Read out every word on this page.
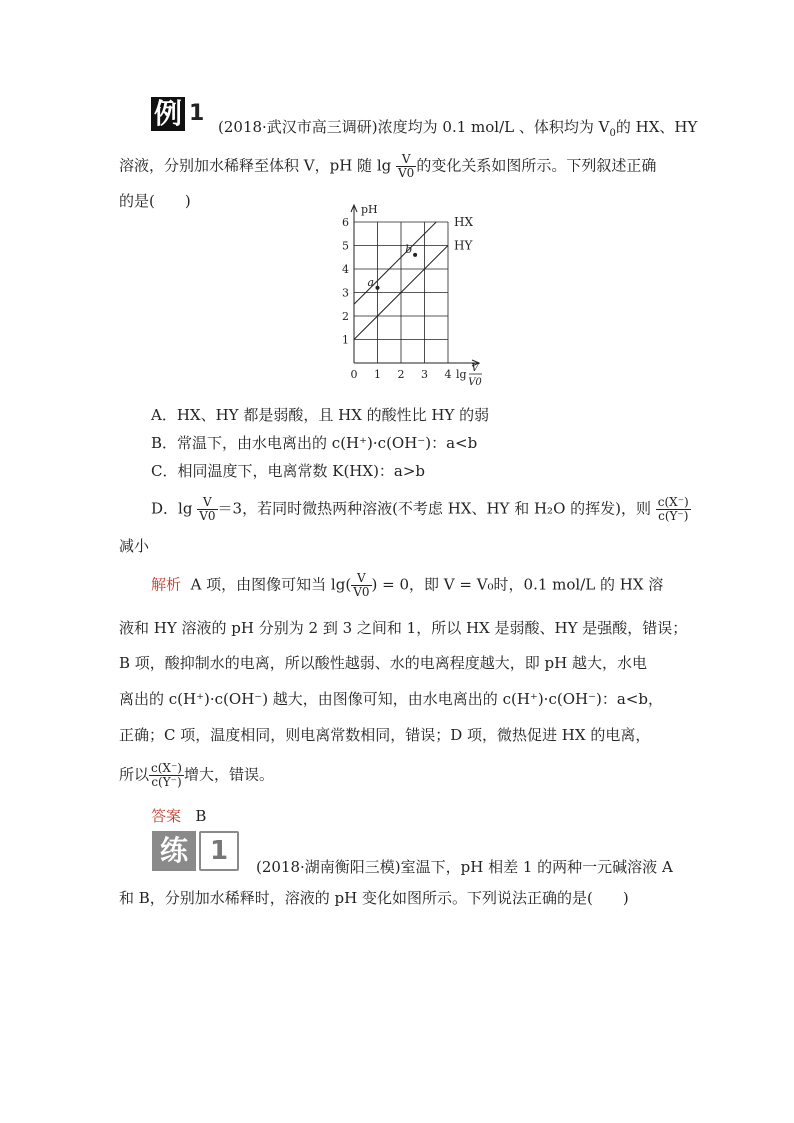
例 1
(2018·武汉市高三调研)浓度均为 0.1 mol/L 、体积均为 $V_0$的 HX、HY
溶液，分别加水稀释至体积 V，pH 随 $\lg \frac{V}{V0}$ 的变化关系如图所示。下列叙述正确
的是(　　)
1
2
3
4
5
6
0 1 2 3 4
pH
lg V
V0
HX
HY
a
b
A．HX、HY 都是弱酸，且 HX 的酸性比 HY 的弱
B．常温下，由水电离出的 c(H⁺)·c(OH⁻)：a<b
C．相同温度下，电离常数 K(HX)：a>b
D．$\lg \frac{V}{V0} =3$，若同时微热两种溶液(不考虑 HX、HY 和 H₂O 的挥发)，则 $\frac{c(X^-)}{c(Y^-)}$
减小
解析 A 项，由图像可知当 $\lg( \frac{V}{V0}$ ) = 0，即 V = V₀时，0.1 mol/L 的 HX 溶
液和 HY 溶液的 pH 分别为 2 到 3 之间和 1，所以 HX 是弱酸、HY 是强酸，错误；
B 项，酸抑制水的电离，所以酸性越弱、水的电离程度越大，即 pH 越大，水电
离出的 c(H⁺)·c(OH⁻) 越大，由图像可知，由水电离出的 c(H⁺)·c(OH⁻)：a<b，
正确；C 项，温度相同，则电离常数相同，错误；D 项，微热促进 HX 的电离，
所以 $\frac{c(X^-)}{c(Y^-)}$ 增大，错误。
答案 B
练 1
(2018·湖南衡阳三模)室温下，pH 相差 1 的两种一元碱溶液 A
和 B，分别加水稀释时，溶液的 pH 变化如图所示。下列说法正确的是(　　)
